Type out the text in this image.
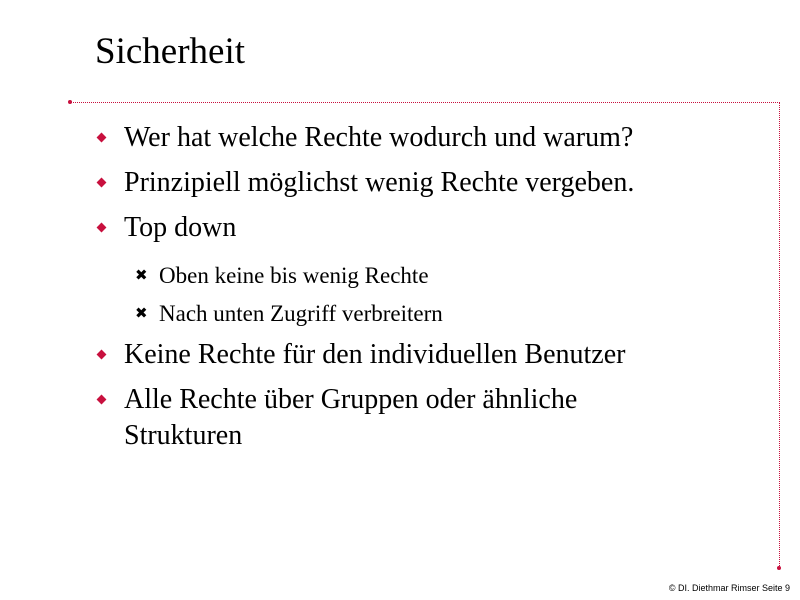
Sicherheit
Wer hat welche Rechte wodurch und warum?
Prinzipiell möglichst wenig Rechte vergeben.
Top down
✖ Oben keine bis wenig Rechte
✖ Nach unten Zugriff verbreitern
Keine Rechte für den individuellen Benutzer
Alle Rechte über Gruppen oder ähnliche Strukturen
© DI. Diethmar Rimser Seite 9
